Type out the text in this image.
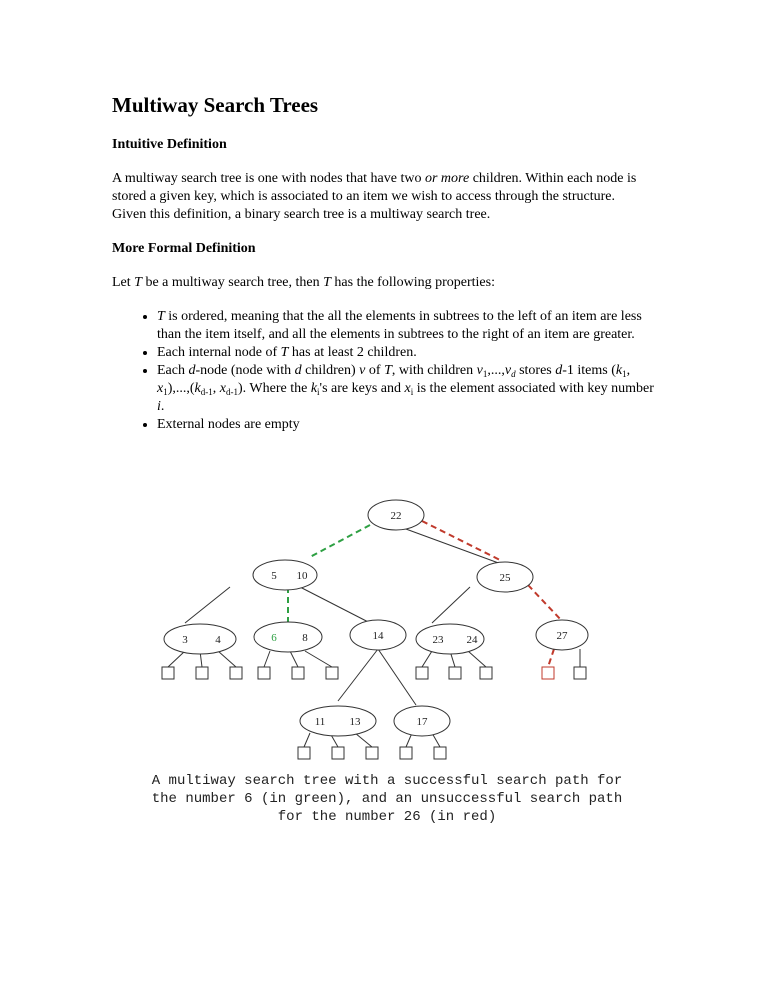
Multiway Search Trees
Intuitive Definition

A multiway search tree is one with nodes that have two or more children. Within each node is stored a given key, which is associated to an item we wish to access through the structure.

Given this definition, a binary search tree is a multiway search tree.

More Formal Definition

Let T be a multiway search tree, then T has the following properties:

• T is ordered, meaning that the all the elements in subtrees to the left of an item are less than the item itself, and all the elements in subtrees to the right of an item are greater.
• Each internal node of T has at least 2 children.
• Each d-node (node with d children) v of T, with children $v_1,...,v_d$ stores d-1 items ($k_1$, $x_1),...,(k_{d-1}$, $x_{d-1}$). Where the $k_i's$ are keys and $x_i$ is the element associated with key number i.
• External nodes are empty
22
5 10	25
3	4	6 8	14	23 24	27
11 13	17
A multiway search tree with a successful search path for
the number 6 (in green), and an unsuccessful search path
for the number 26 (in red)
